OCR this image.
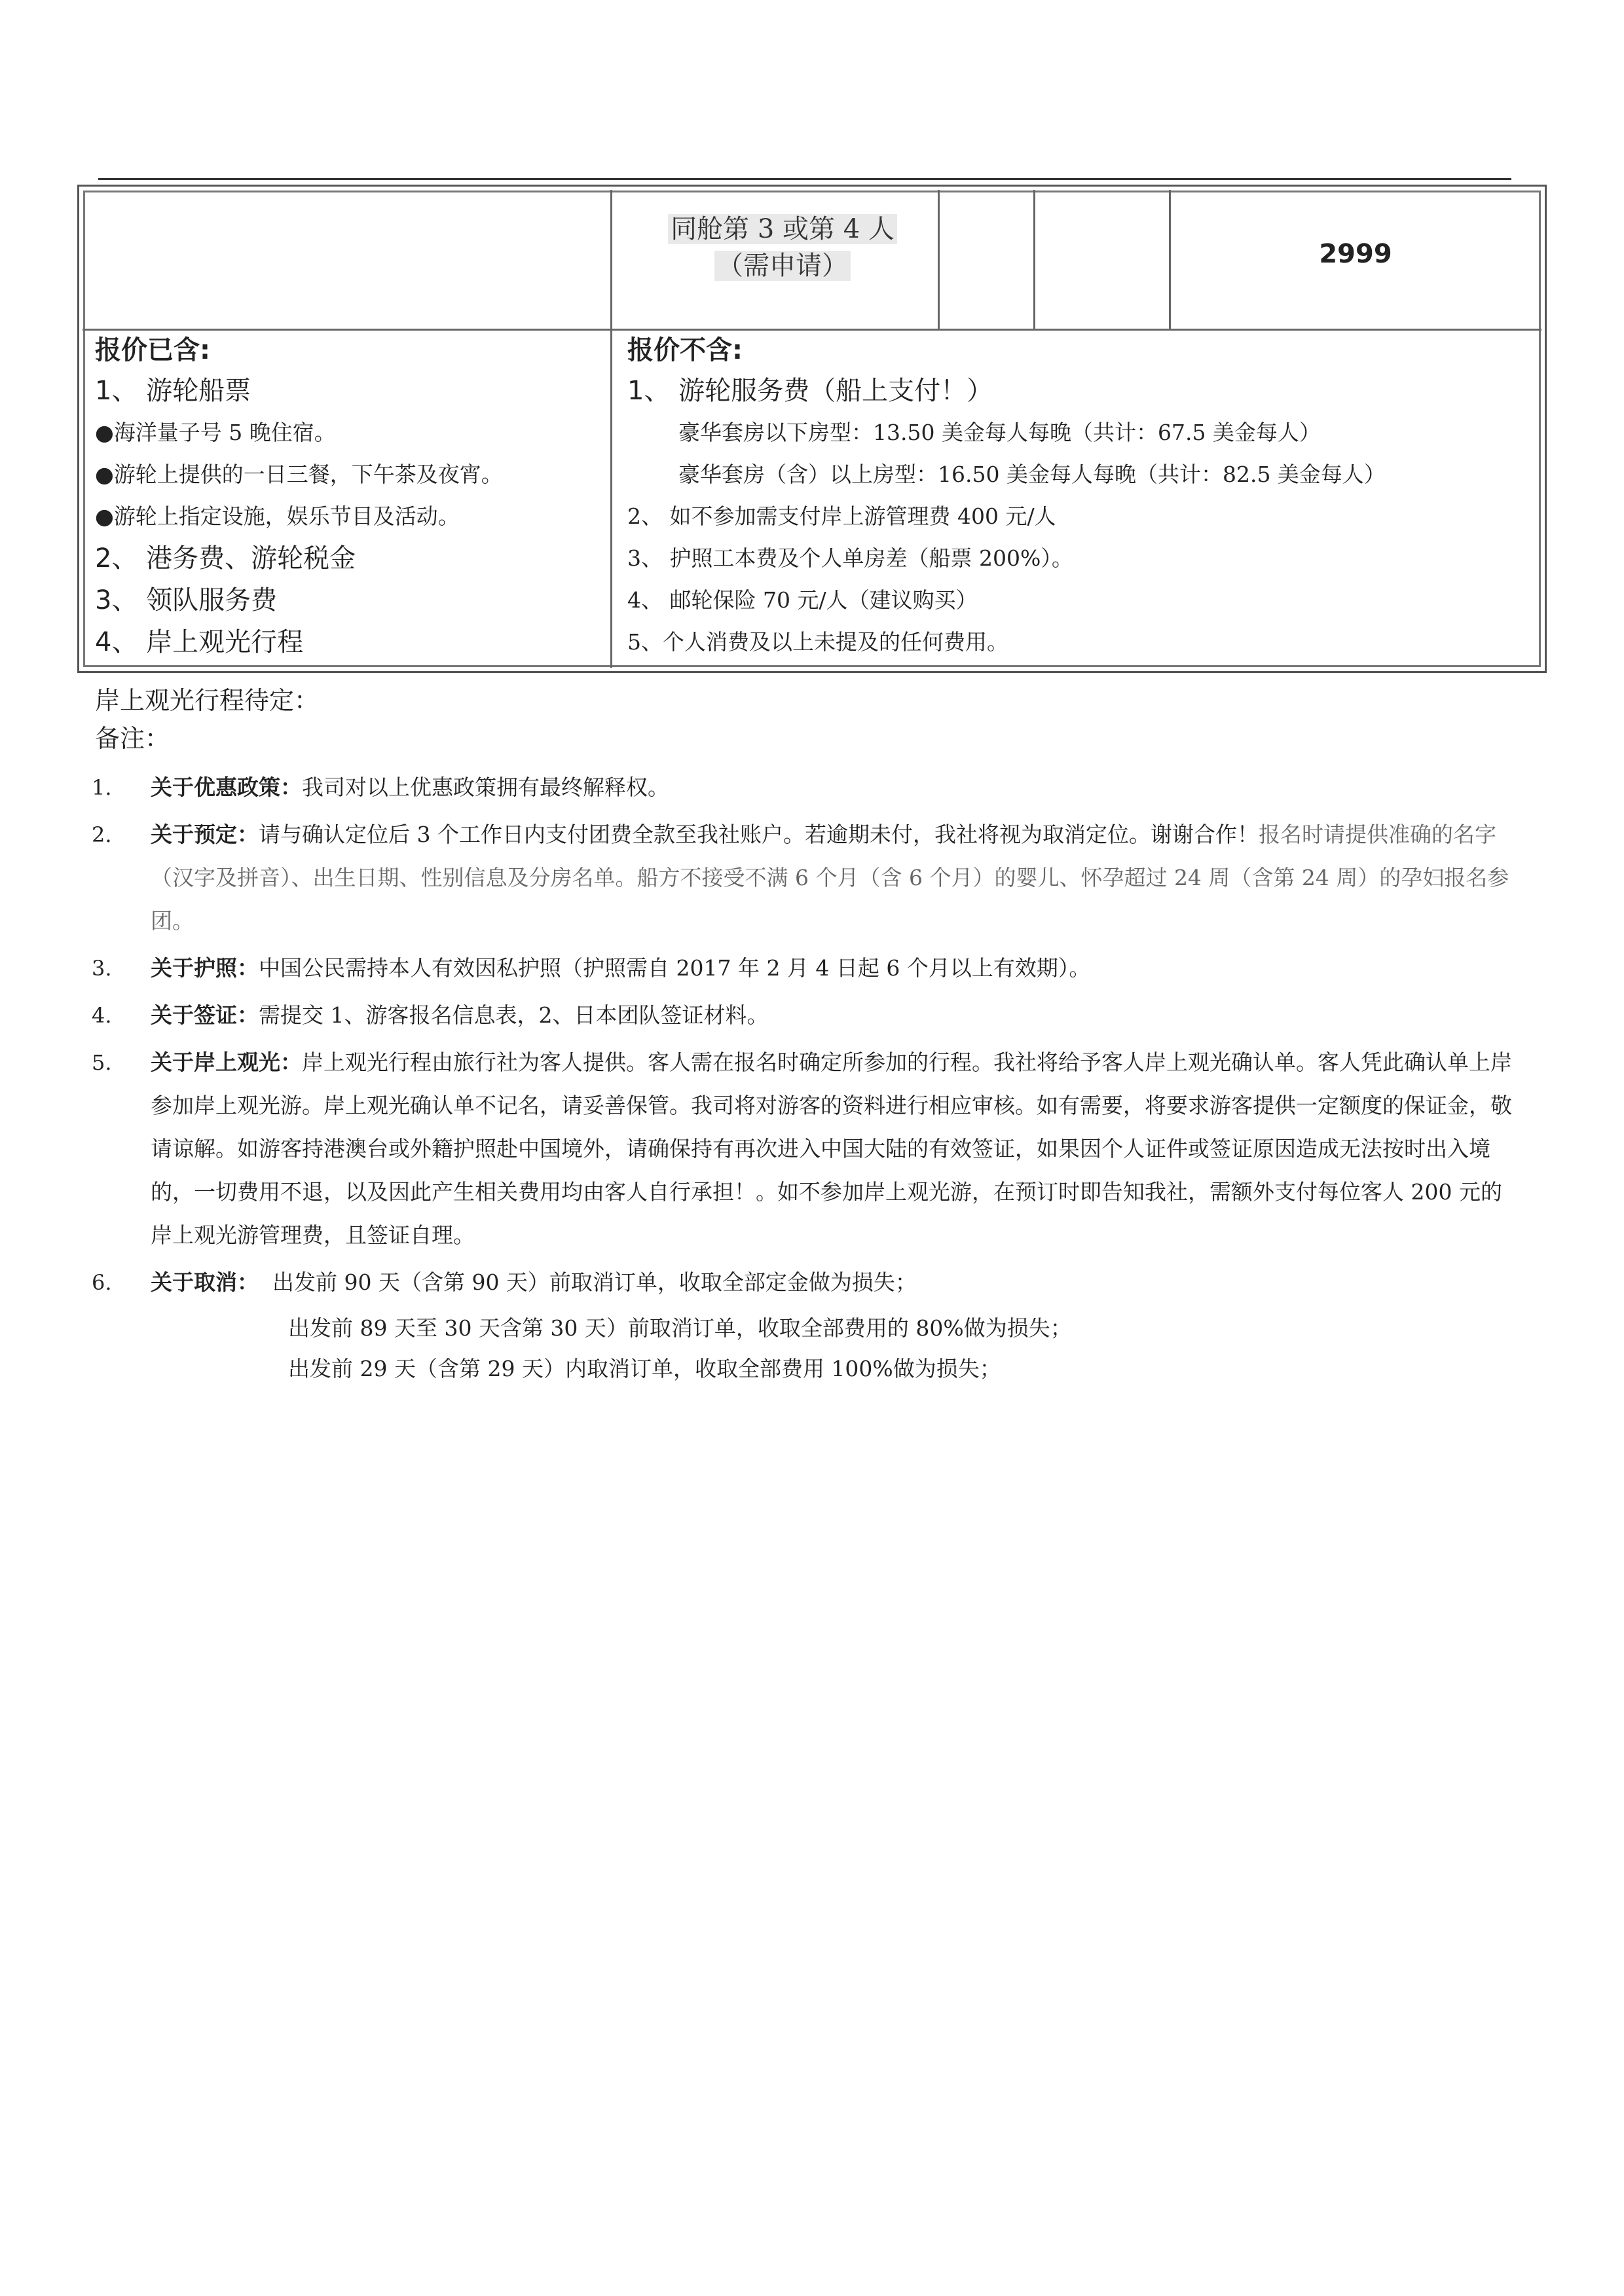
同舱第 3 或第 4 人
（需申请）	2999
报价已含:
1、 游轮船票
●海洋量子号 5 晚住宿。
●游轮上提供的一日三餐，下午茶及夜宵。
●游轮上指定设施，娱乐节目及活动。
2、 港务费、游轮税金
3、 领队服务费
4、 岸上观光行程
报价不含:
1、 游轮服务费（船上支付！）
豪华套房以下房型：13.50 美金每人每晚（共计：67.5 美金每人）
豪华套房（含）以上房型：16.50 美金每人每晚（共计：82.5 美金每人）
2、 如不参加需支付岸上游管理费 400 元/人
3、 护照工本费及个人单房差（船票 200%）。
4、 邮轮保险 70 元/人（建议购买）
5、个人消费及以上未提及的任何费用。
岸上观光行程待定：
备注：
1. 关于优惠政策：我司对以上优惠政策拥有最终解释权。
2. 关于预定：请与确认定位后 3 个工作日内支付团费全款至我社账户。若逾期未付，我社将视为取消定位。谢谢合作！报名时请提供准确的名字（汉字及拼音）、出生日期、性别信息及分房名单。船方不接受不满 6 个月（含 6 个月）的婴儿、怀孕超过 24 周（含第 24 周）的孕妇报名参团。
3. 关于护照：中国公民需持本人有效因私护照（护照需自 2017 年 2 月 4 日起 6 个月以上有效期）。
4. 关于签证：需提交 1、游客报名信息表，2、日本团队签证材料。
5. 关于岸上观光：岸上观光行程由旅行社为客人提供。客人需在报名时确定所参加的行程。我社将给予客人岸上观光确认单。客人凭此确认单上岸参加岸上观光游。岸上观光确认单不记名，请妥善保管。我司将对游客的资料进行相应审核。如有需要，将要求游客提供一定额度的保证金，敬请谅解。如游客持港澳台或外籍护照赴中国境外，请确保持有再次进入中国大陆的有效签证，如果因个人证件或签证原因造成无法按时出入境的，一切费用不退，以及因此产生相关费用均由客人自行承担！。如不参加岸上观光游，在预订时即告知我社，需额外支付每位客人 200 元的岸上观光游管理费，且签证自理。
6. 关于取消： 出发前 90 天（含第 90 天）前取消订单，收取全部定金做为损失；
出发前 89 天至 30 天含第 30 天）前取消订单，收取全部费用的 80%做为损失；
出发前 29 天（含第 29 天）内取消订单，收取全部费用 100%做为损失；
